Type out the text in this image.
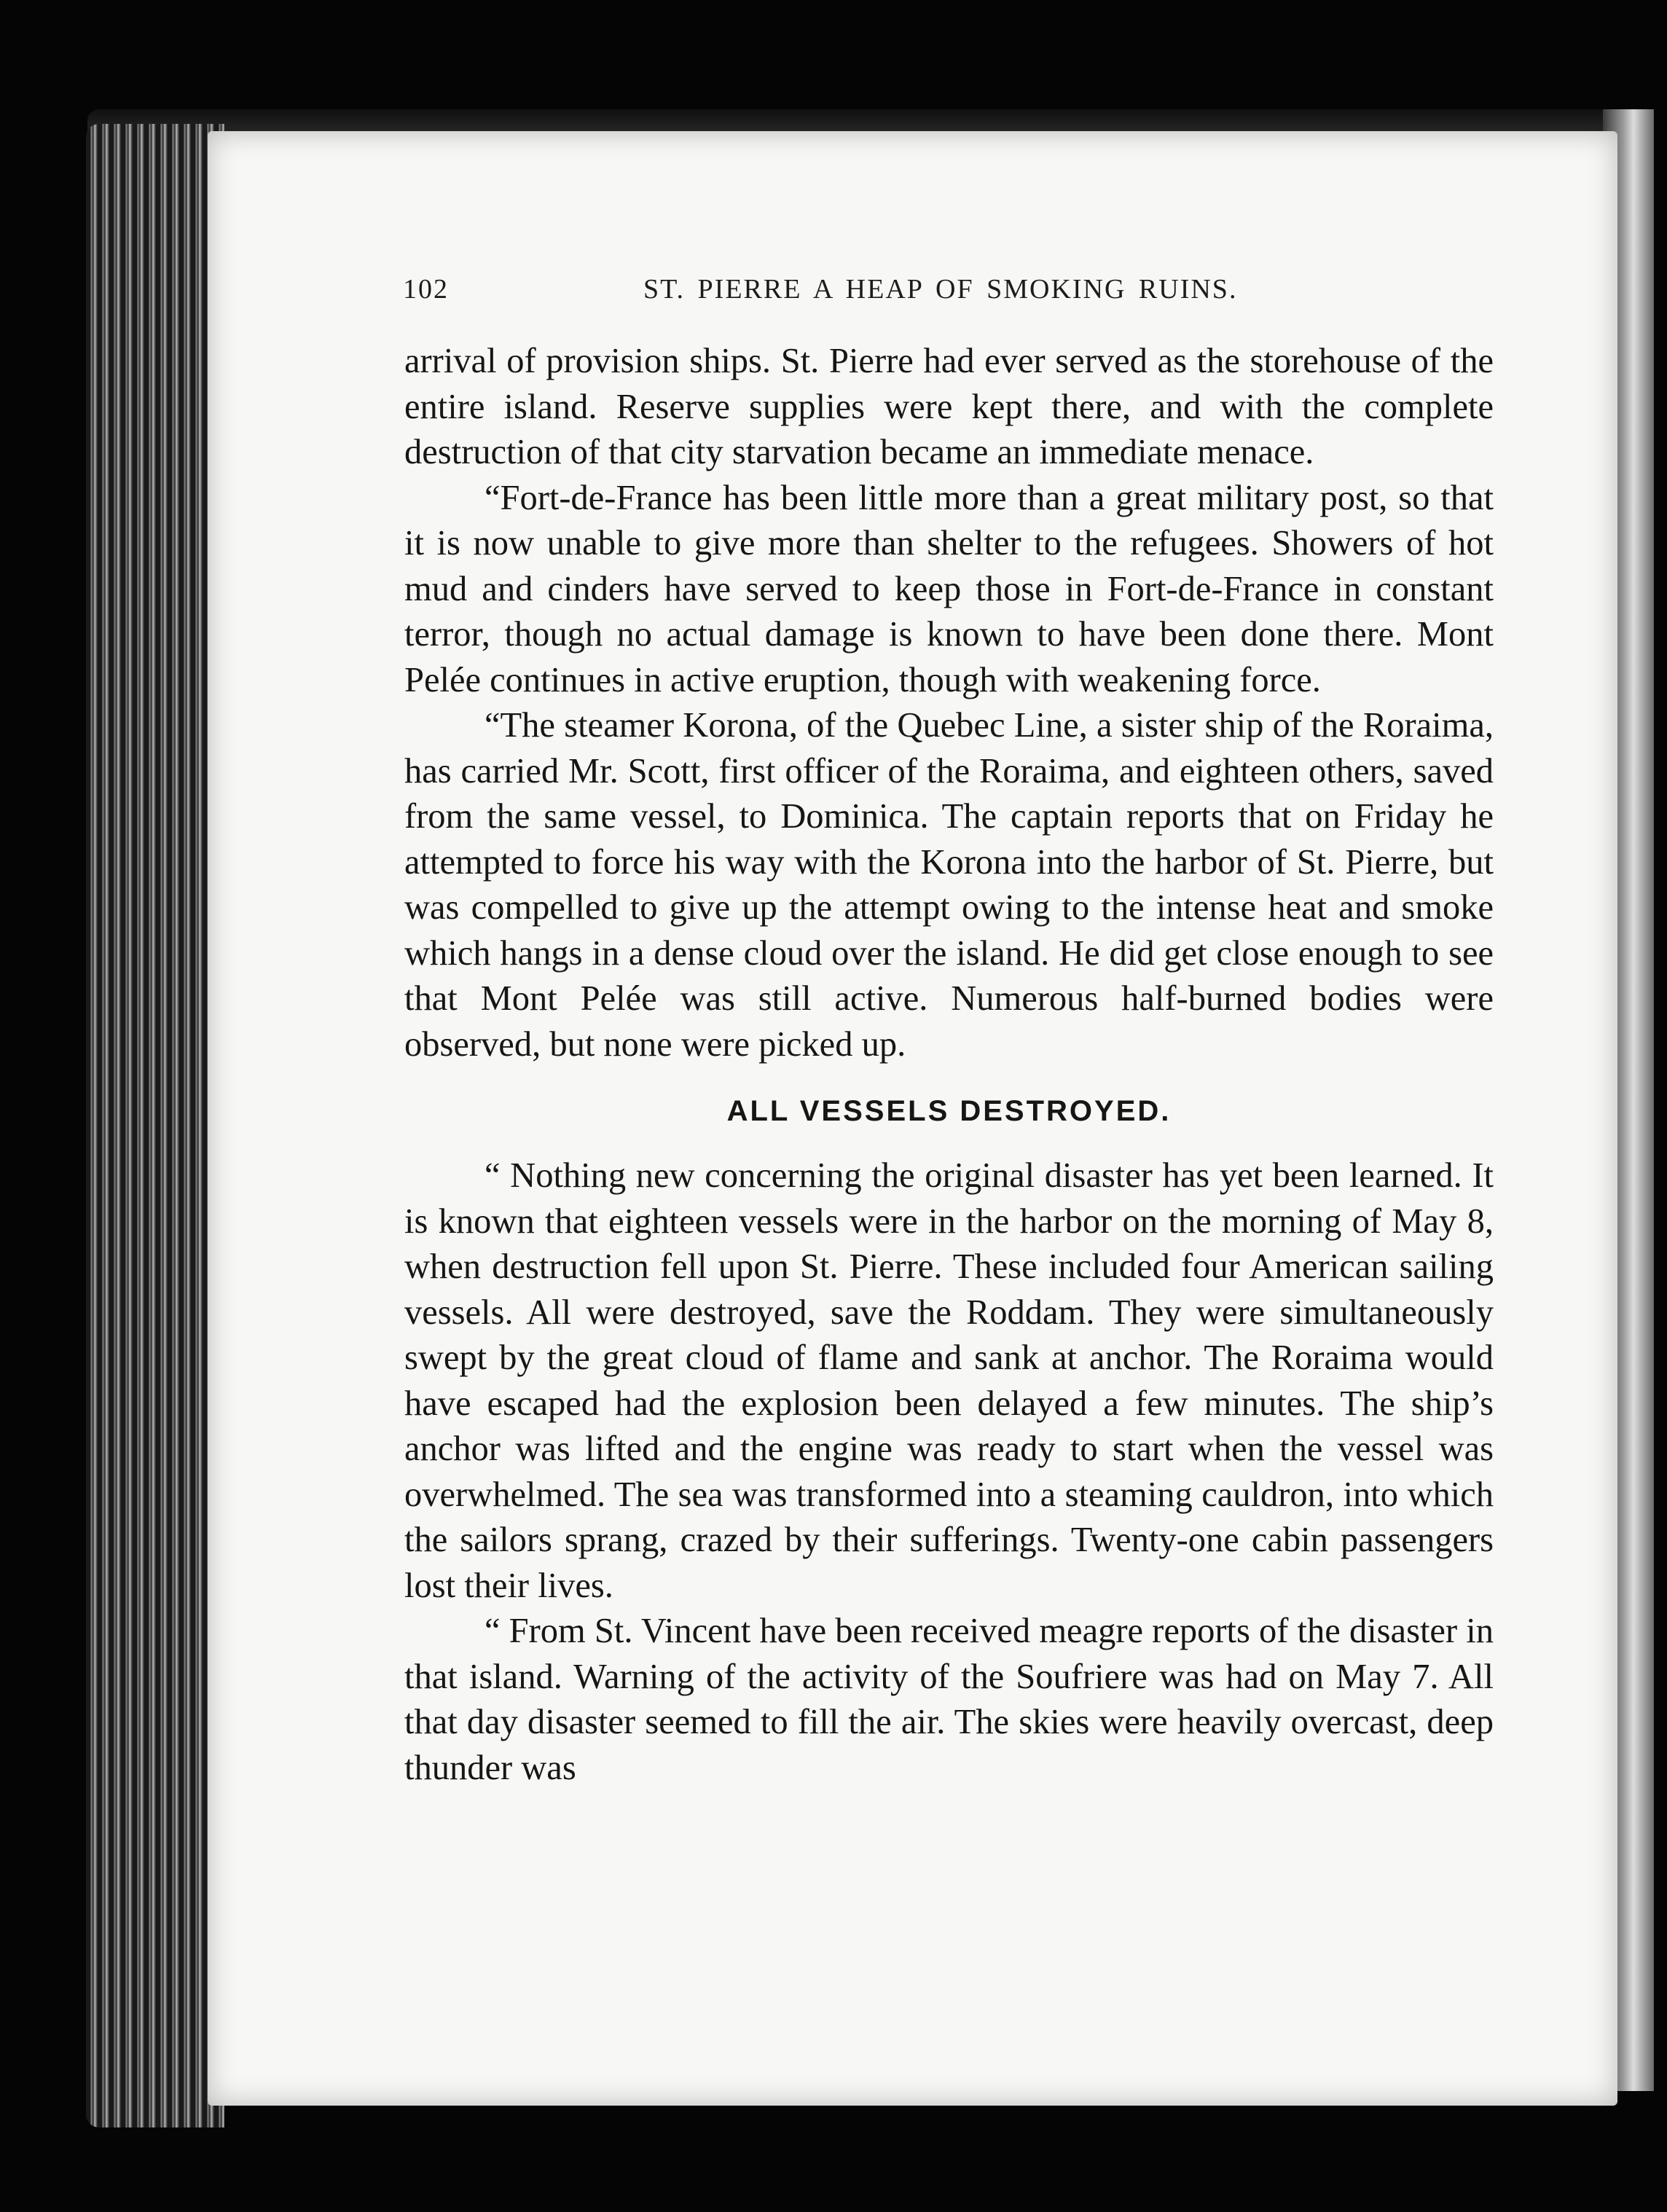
102	ST. PIERRE A HEAP OF SMOKING RUINS.

arrival of provision ships. St. Pierre had ever served as the storehouse of the entire island. Reserve supplies were kept there, and with the complete destruction of that city starvation became an immediate menace.

“Fort-de-France has been little more than a great military post, so that it is now unable to give more than shelter to the refugees. Showers of hot mud and cinders have served to keep those in Fort-de-France in constant terror, though no actual damage is known to have been done there. Mont Pelée continues in active eruption, though with weakening force.

“The steamer Korona, of the Quebec Line, a sister ship of the Roraima, has carried Mr. Scott, first officer of the Roraima, and eighteen others, saved from the same vessel, to Dominica. The captain reports that on Friday he attempted to force his way with the Korona into the harbor of St. Pierre, but was compelled to give up the attempt owing to the intense heat and smoke which hangs in a dense cloud over the island. He did get close enough to see that Mont Pelée was still active. Numerous half-burned bodies were observed, but none were picked up.

ALL VESSELS DESTROYED.

“ Nothing new concerning the original disaster has yet been learned. It is known that eighteen vessels were in the harbor on the morning of May 8, when destruction fell upon St. Pierre. These included four American sailing vessels. All were destroyed, save the Roddam. They were simultaneously swept by the great cloud of flame and sank at anchor. The Roraima would have escaped had the explosion been delayed a few minutes. The ship’s anchor was lifted and the engine was ready to start when the vessel was overwhelmed. The sea was transformed into a steaming cauldron, into which the sailors sprang, crazed by their sufferings. Twenty-one cabin passengers lost their lives.

“ From St. Vincent have been received meagre reports of the disaster in that island. Warning of the activity of the Soufriere was had on May 7. All that day disaster seemed to fill the air. The skies were heavily overcast, deep thunder was
